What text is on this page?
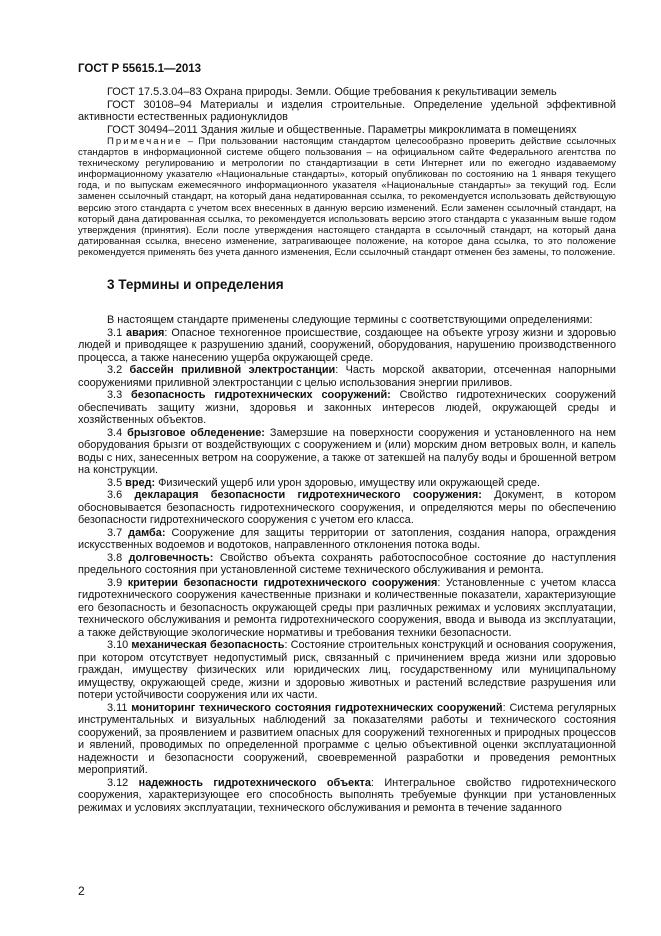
ГОСТ Р 55615.1—2013

ГОСТ 17.5.3.04–83 Охрана природы. Земли. Общие требования к рекультивации земель

ГОСТ 30108–94 Материалы и изделия строительные. Определение удельной эффективной активности естественных радионуклидов

ГОСТ 30494–2011 Здания жилые и общественные. Параметры микроклимата в помещениях

Примечание – При пользовании настоящим стандартом целесообразно проверить действие ссылочных стандартов в информационной системе общего пользования – на официальном сайте Федерального агентства по техническому регулированию и метрологии по стандартизации в сети Интернет или по ежегодно издаваемому информационному указателю «Национальные стандарты», который опубликован по состоянию на 1 января текущего года, и по выпускам ежемесячного информационного указателя «Национальные стандарты» за текущий год. Если заменен ссылочный стандарт, на который дана недатированная ссылка, то рекомендуется использовать действующую версию этого стандарта с учетом всех внесенных в данную версию изменений. Если заменен ссылочный стандарт, на который дана датированная ссылка, то рекомендуется использовать версию этого стандарта с указанным выше годом утверждения (принятия). Если после утверждения настоящего стандарта в ссылочный стандарт, на который дана датированная ссылка, внесено изменение, затрагивающее положение, на которое дана ссылка, то это положение рекомендуется применять без учета данного изменения, Если ссылочный стандарт отменен без замены, то положение.

3 Термины и определения

В настоящем стандарте применены следующие термины с соответствующими определениями:

3.1 авария: Опасное техногенное происшествие, создающее на объекте угрозу жизни и здоровью людей и приводящее к разрушению зданий, сооружений, оборудования, нарушению производственного процесса, а также нанесению ущерба окружающей среде.

3.2 бассейн приливной электростанции: Часть морской акватории, отсеченная напорными сооружениями приливной электростанции с целью использования энергии приливов.

3.3 безопасность гидротехнических сооружений: Свойство гидротехнических сооружений обеспечивать защиту жизни, здоровья и законных интересов людей, окружающей среды и хозяйственных объектов.

3.4 брызговое обледенение: Замерзшие на поверхности сооружения и установленного на нем оборудования брызги от воздействующих с сооружением и (или) морским дном ветровых волн, и капель воды с них, занесенных ветром на сооружение, а также от затекшей на палубу воды и брошенной ветром на конструкции.

3.5 вред: Физический ущерб или урон здоровью, имуществу или окружающей среде.

3.6 декларация безопасности гидротехнического сооружения: Документ, в котором обосновывается безопасность гидротехнического сооружения, и определяются меры по обеспечению безопасности гидротехнического сооружения с учетом его класса.

3.7 дамба: Сооружение для защиты территории от затопления, создания напора, ограждения искусственных водоемов и водотоков, направленного отклонения потока воды.

3.8 долговечность: Свойство объекта сохранять работоспособное состояние до наступления предельного состояния при установленной системе технического обслуживания и ремонта.

3.9 критерии безопасности гидротехнического сооружения: Установленные с учетом класса гидротехнического сооружения качественные признаки и количественные показатели, характеризующие его безопасность и безопасность окружающей среды при различных режимах и условиях эксплуатации, технического обслуживания и ремонта гидротехнического сооружения, ввода и вывода из эксплуатации, а также действующие экологические нормативы и требования техники безопасности.

3.10 механическая безопасность: Состояние строительных конструкций и основания сооружения, при котором отсутствует недопустимый риск, связанный с причинением вреда жизни или здоровью граждан, имуществу физических или юридических лиц, государственному или муниципальному имуществу, окружающей среде, жизни и здоровью животных и растений вследствие разрушения или потери устойчивости сооружения или их части.

3.11 мониторинг технического состояния гидротехнических сооружений: Система регулярных инструментальных и визуальных наблюдений за показателями работы и технического состояния сооружений, за проявлением и развитием опасных для сооружений техногенных и природных процессов и явлений, проводимых по определенной программе с целью объективной оценки эксплуатационной надежности и безопасности сооружений, своевременной разработки и проведения ремонтных мероприятий.

3.12 надежность гидротехнического объекта: Интегральное свойство гидротехнического сооружения, характеризующее его способность выполнять требуемые функции при установленных режимах и условиях эксплуатации, технического обслуживания и ремонта в течение заданного

2
